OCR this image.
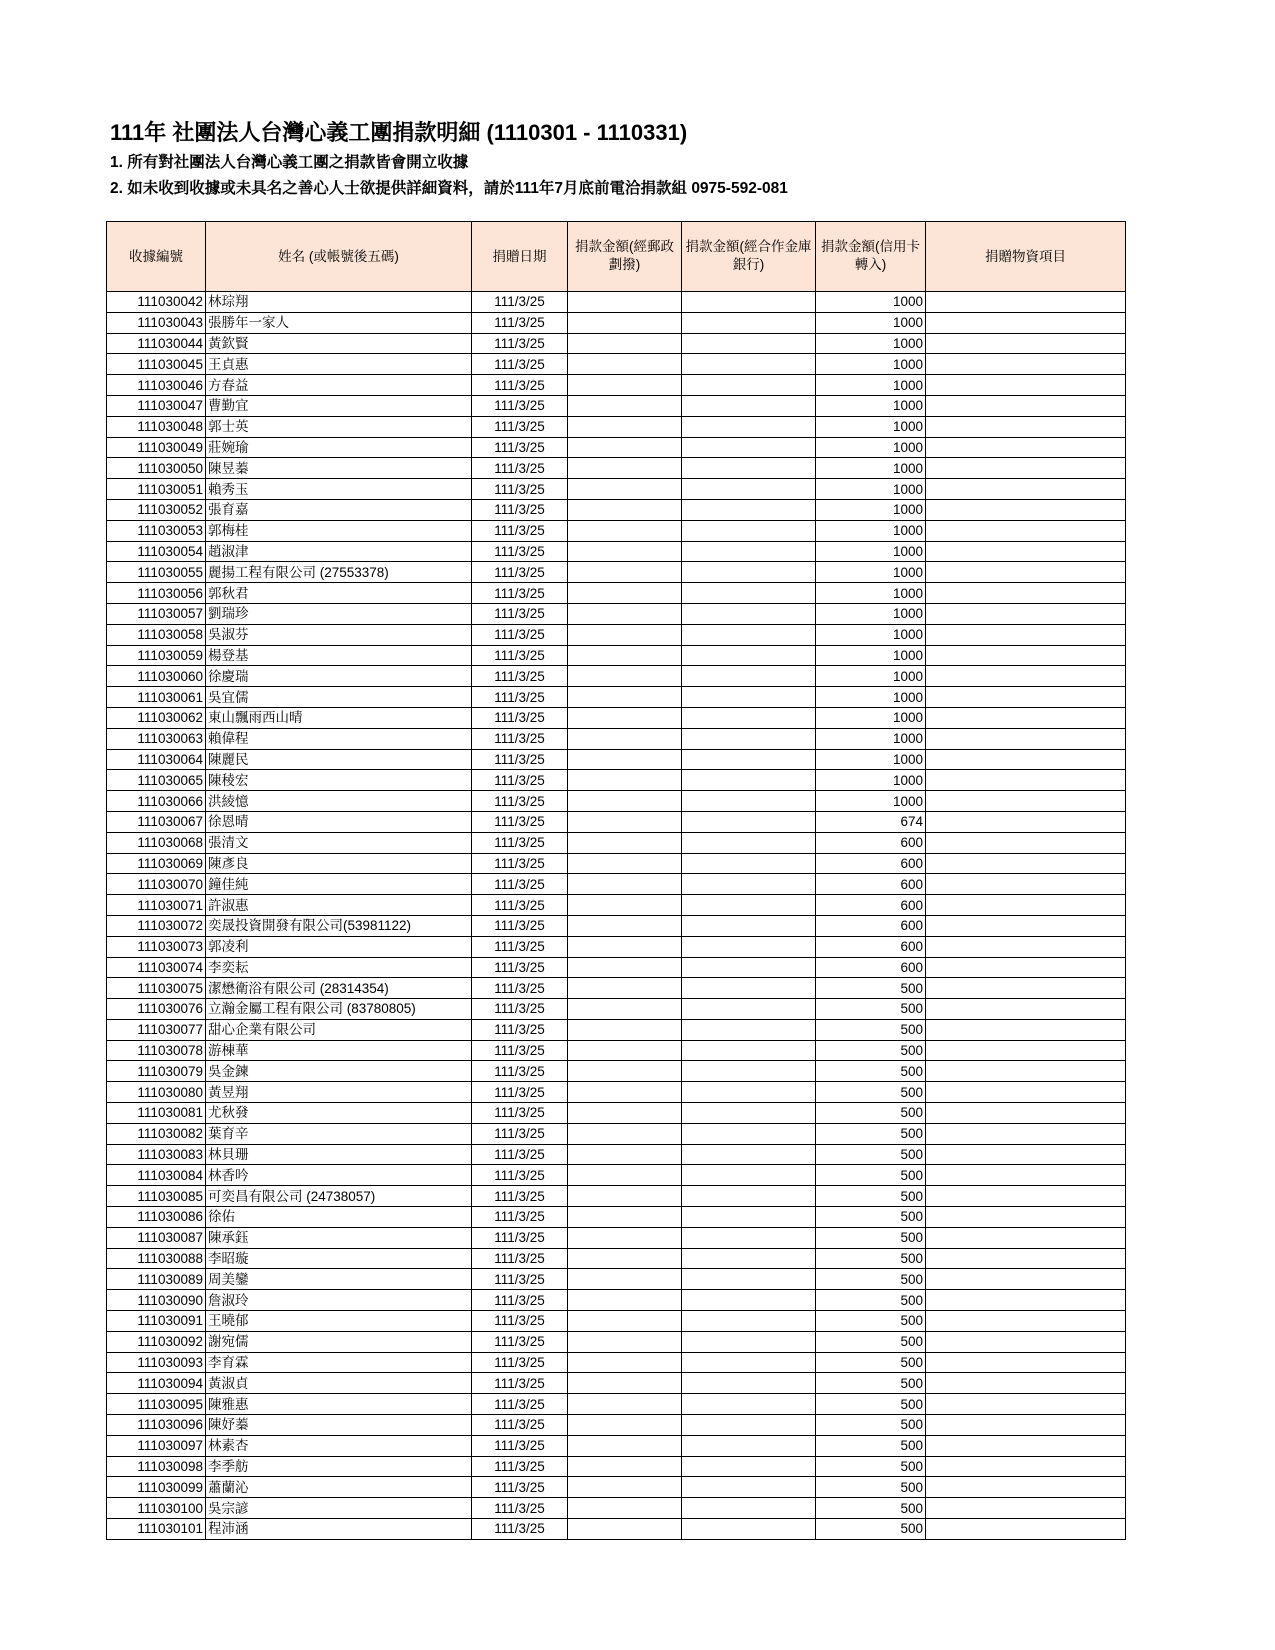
111年 社團法人台灣心義工團捐款明細 (1110301 - 1110331)
1. 所有對社團法人台灣心義工團之捐款皆會開立收據
2. 如未收到收據或未具名之善心人士欲提供詳細資料，請於111年7月底前電洽捐款組 0975-592-081
收據編號	姓名 (或帳號後五碼)	捐贈日期	捐款金額(經郵政劃撥)	捐款金額(經合作金庫銀行)	捐款金額(信用卡轉入)	捐贈物資項目
111030042	林琮翔	111/3/25			1000	
111030043	張勝年一家人	111/3/25			1000	
111030044	黃欽賢	111/3/25			1000	
111030045	王貞惠	111/3/25			1000	
111030046	方春益	111/3/25			1000	
111030047	曹勤宜	111/3/25			1000	
111030048	郭士英	111/3/25			1000	
111030049	莊婉瑜	111/3/25			1000	
111030050	陳昱蓁	111/3/25			1000	
111030051	賴秀玉	111/3/25			1000	
111030052	張育嘉	111/3/25			1000	
111030053	郭梅桂	111/3/25			1000	
111030054	趙淑津	111/3/25			1000	
111030055	麗揚工程有限公司 (27553378)	111/3/25			1000	
111030056	郭秋君	111/3/25			1000	
111030057	劉瑞珍	111/3/25			1000	
111030058	吳淑芬	111/3/25			1000	
111030059	楊登基	111/3/25			1000	
111030060	徐慶瑞	111/3/25			1000	
111030061	吳宜儒	111/3/25			1000	
111030062	東山飄雨西山晴	111/3/25			1000	
111030063	賴偉程	111/3/25			1000	
111030064	陳麗民	111/3/25			1000	
111030065	陳稜宏	111/3/25			1000	
111030066	洪綾憶	111/3/25			1000	
111030067	徐恩晴	111/3/25			674	
111030068	張清文	111/3/25			600	
111030069	陳彥良	111/3/25			600	
111030070	鐘佳純	111/3/25			600	
111030071	許淑惠	111/3/25			600	
111030072	奕晟投資開發有限公司(53981122)	111/3/25			600	
111030073	郭凌利	111/3/25			600	
111030074	李奕耘	111/3/25			600	
111030075	潔懋衛浴有限公司 (28314354)	111/3/25			500	
111030076	立瀚金屬工程有限公司 (83780805)	111/3/25			500	
111030077	甜心企業有限公司	111/3/25			500	
111030078	游棟華	111/3/25			500	
111030079	吳金鍊	111/3/25			500	
111030080	黃昱翔	111/3/25			500	
111030081	尤秋發	111/3/25			500	
111030082	葉育辛	111/3/25			500	
111030083	林貝珊	111/3/25			500	
111030084	林香吟	111/3/25			500	
111030085	可奕昌有限公司 (24738057)	111/3/25			500	
111030086	徐佑	111/3/25			500	
111030087	陳承鈺	111/3/25			500	
111030088	李昭璇	111/3/25			500	
111030089	周美鑾	111/3/25			500	
111030090	詹淑玲	111/3/25			500	
111030091	王曉郁	111/3/25			500	
111030092	謝宛儒	111/3/25			500	
111030093	李育霖	111/3/25			500	
111030094	黃淑貞	111/3/25			500	
111030095	陳雅惠	111/3/25			500	
111030096	陳妤蓁	111/3/25			500	
111030097	林素杏	111/3/25			500	
111030098	李季舫	111/3/25			500	
111030099	蕭蘭沁	111/3/25			500	
111030100	吳宗諺	111/3/25			500	
111030101	程沛涵	111/3/25			500	
